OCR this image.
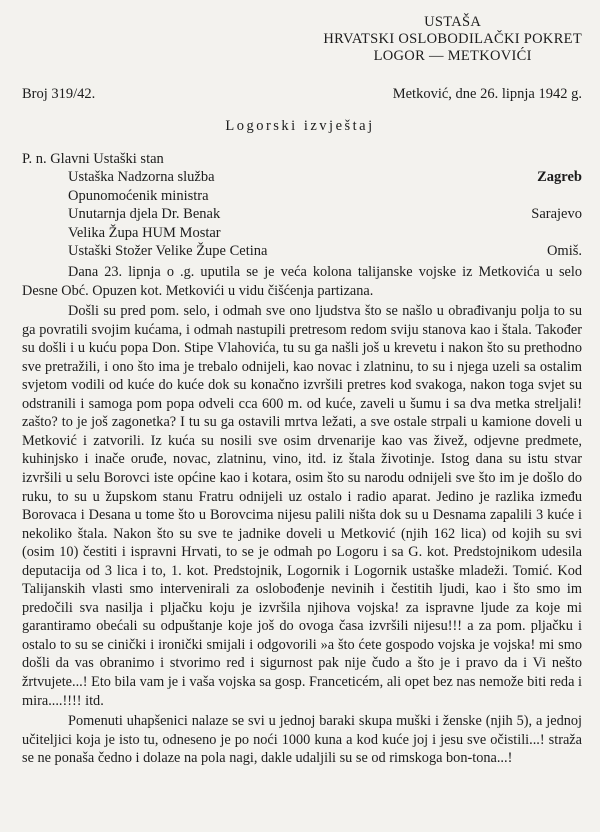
USTAŠA
HRVATSKI OSLOBODILAČKI POKRET
LOGOR — METKOVIĆI
Broj 319/42.	Metković, dne 26. lipnja 1942 g.
Logorski izvještaj
P. n. Glavni Ustaški stan
Ustaška Nadzorna služba	Zagreb
Opunomoćenik ministra
Unutarnja djela Dr. Benak	Sarajevo
Velika Župa HUM Mostar
Ustaški Stožer Velike Župe Cetina	Omiš.

Dana 23. lipnja o .g. uputila se je veća kolona talijanske vojske iz Metkovića u selo Desne Obć. Opuzen kot. Metkovići u vidu čišćenja partizana.

Došli su pred pom. selo, i odmah sve ono ljudstva što se našlo u obrađivanju polja to su ga povratili svojim kućama, i odmah nastupili pretresom redom sviju stanova kao i štala. Također su došli i u kuću popa Don. Stipe Vlahovića, tu su ga našli još u krevetu i nakon što su prethodno sve pretražili, i ono što ima je trebalo odnijeli, kao novac i zlatninu, to su i njega uzeli sa ostalim svjetom vodili od kuće do kuće dok su konačno izvršili pretres kod svakoga, nakon toga svjet su odstranili i samoga pom popa odveli cca 600 m. od kuće, zaveli u šumu i sa dva metka streljali! zašto? to je još zagonetka? I tu su ga ostavili mrtva ležati, a sve ostale strpali u kamione doveli u Metković i zatvorili. Iz kuća su nosili sve osim drvenarije kao vas živež, odjevne predmete, kuhinjsko i inače oruđe, novac, zlatninu, vino, itd. iz štala životinje. Istog dana su istu stvar izvršili u selu Borovci iste općine kao i kotara, osim što su narodu odnijeli sve što im je došlo do ruku, to su u župskom stanu Fratru odnijeli uz ostalo i radio aparat. Jedino je razlika između Borovaca i Desana u tome što u Borovcima nijesu palili ništa dok su u Desnama zapalili 3 kuće i nekoliko štala. Nakon što su sve te jadnike doveli u Metković (njih 162 lica) od kojih su svi (osim 10) čestiti i ispravni Hrvati, to se je odmah po Logoru i sa G. kot. Predstojnikom udesila deputacija od 3 lica i to, 1. kot. Predstojnik, Logornik i Logornik ustaške mladeži. Tomić. Kod Talijanskih vlasti smo intervenirali za oslobođenje nevinih i čestitih ljudi, kao i što smo im predočili sva nasilja i pljačku koju je izvršila njihova vojska! za ispravne ljude za koje mi garantiramo obećali su odpuštanje koje još do ovoga časa izvršili nijesu!!! a za pom. pljačku i ostalo to su se cinički i ironički smijali i odgovorili »a što ćete gospodo vojska je vojska! mi smo došli da vas obranimo i stvorimo red i sigurnost pak nije čudo a što je i pravo da i Vi nešto žrtvujete...! Eto bila vam je i vaša vojska sa gosp. Franceticém, ali opet bez nas nemože biti reda i mira....!!!! itd.

Pomenuti uhapšenici nalaze se svi u jednoj baraki skupa muški i ženske (njih 5), a jednoj učiteljici koja je isto tu, odneseno je po noći 1000 kuna a kod kuće joj i jesu sve očistili...! straža se ne ponaša čedno i dolaze na pola nagi, dakle udaljili su se od rimskoga bon-tona...!
